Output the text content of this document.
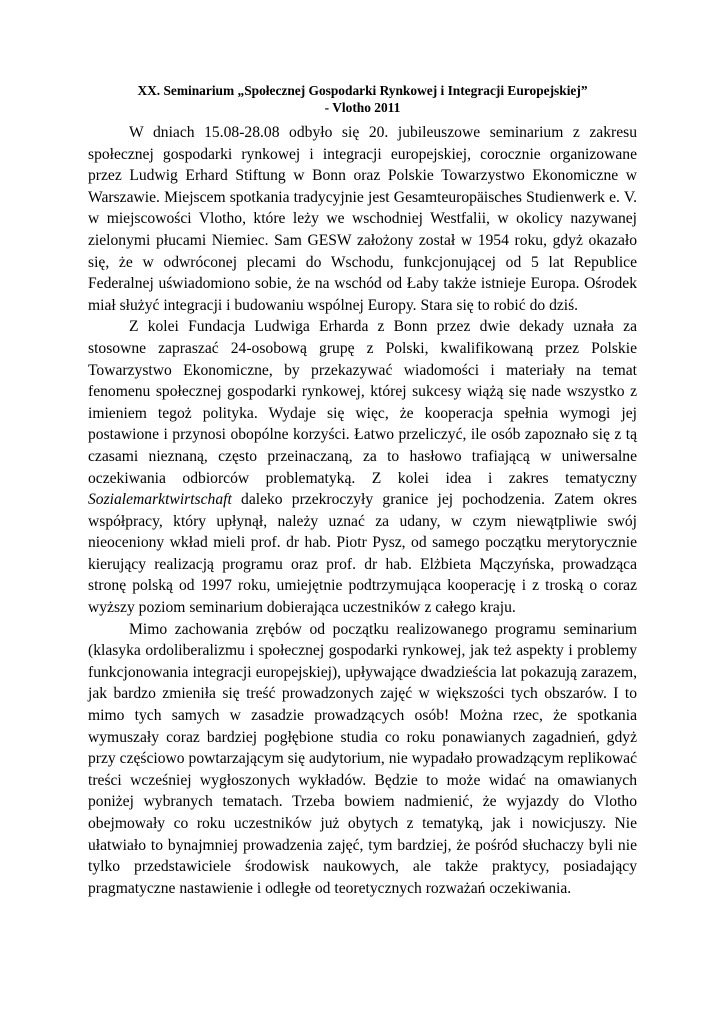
XX. Seminarium „Społecznej Gospodarki Rynkowej i Integracji Europejskiej”
- Vlotho 2011

W dniach 15.08-28.08 odbyło się 20. jubileuszowe seminarium z zakresu społecznej gospodarki rynkowej i integracji europejskiej, corocznie organizowane przez Ludwig Erhard Stiftung w Bonn oraz Polskie Towarzystwo Ekonomiczne w Warszawie. Miejscem spotkania tradycyjnie jest Gesamteuropäisches Studienwerk e. V. w miejscowości Vlotho, które leży we wschodniej Westfalii, w okolicy nazywanej zielonymi płucami Niemiec. Sam GESW założony został w 1954 roku, gdyż okazało się, że w odwróconej plecami do Wschodu, funkcjonującej od 5 lat Republice Federalnej uświadomiono sobie, że na wschód od Łaby także istnieje Europa. Ośrodek miał służyć integracji i budowaniu wspólnej Europy. Stara się to robić do dziś.

Z kolei Fundacja Ludwiga Erharda z Bonn przez dwie dekady uznała za stosowne zapraszać 24-osobową grupę z Polski, kwalifikowaną przez Polskie Towarzystwo Ekonomiczne, by przekazywać wiadomości i materiały na temat fenomenu społecznej gospodarki rynkowej, której sukcesy wiążą się nade wszystko z imieniem tegoż polityka. Wydaje się więc, że kooperacja spełnia wymogi jej postawione i przynosi obopólne korzyści. Łatwo przeliczyć, ile osób zapoznało się z tą czasami nieznaną, często przeinaczaną, za to hasłowo trafiającą w uniwersalne oczekiwania odbiorców problematyką. Z kolei idea i zakres tematyczny Sozialemarktwirtschaft daleko przekroczyły granice jej pochodzenia. Zatem okres współpracy, który upłynął, należy uznać za udany, w czym niewątpliwie swój nieoceniony wkład mieli prof. dr hab. Piotr Pysz, od samego początku merytorycznie kierujący realizacją programu oraz prof. dr hab. Elżbieta Mączyńska, prowadząca stronę polską od 1997 roku, umiejętnie podtrzymująca kooperację i z troską o coraz wyższy poziom seminarium dobierająca uczestników z całego kraju.

Mimo zachowania zrębów od początku realizowanego programu seminarium (klasyka ordoliberalizmu i społecznej gospodarki rynkowej, jak też aspekty i problemy funkcjonowania integracji europejskiej), upływające dwadzieścia lat pokazują zarazem, jak bardzo zmieniła się treść prowadzonych zajęć w większości tych obszarów. I to mimo tych samych w zasadzie prowadzących osób! Można rzec, że spotkania wymuszały coraz bardziej pogłębione studia co roku ponawianych zagadnień, gdyż przy częściowo powtarzającym się audytorium, nie wypadało prowadzącym replikować treści wcześniej wygłoszonych wykładów. Będzie to może widać na omawianych poniżej wybranych tematach. Trzeba bowiem nadmienić, że wyjazdy do Vlotho obejmowały co roku uczestników już obytych z tematyką, jak i nowicjuszy. Nie ułatwiało to bynajmniej prowadzenia zajęć, tym bardziej, że pośród słuchaczy byli nie tylko przedstawiciele środowisk naukowych, ale także praktycy, posiadający pragmatyczne nastawienie i odległe od teoretycznych rozważań oczekiwania.
